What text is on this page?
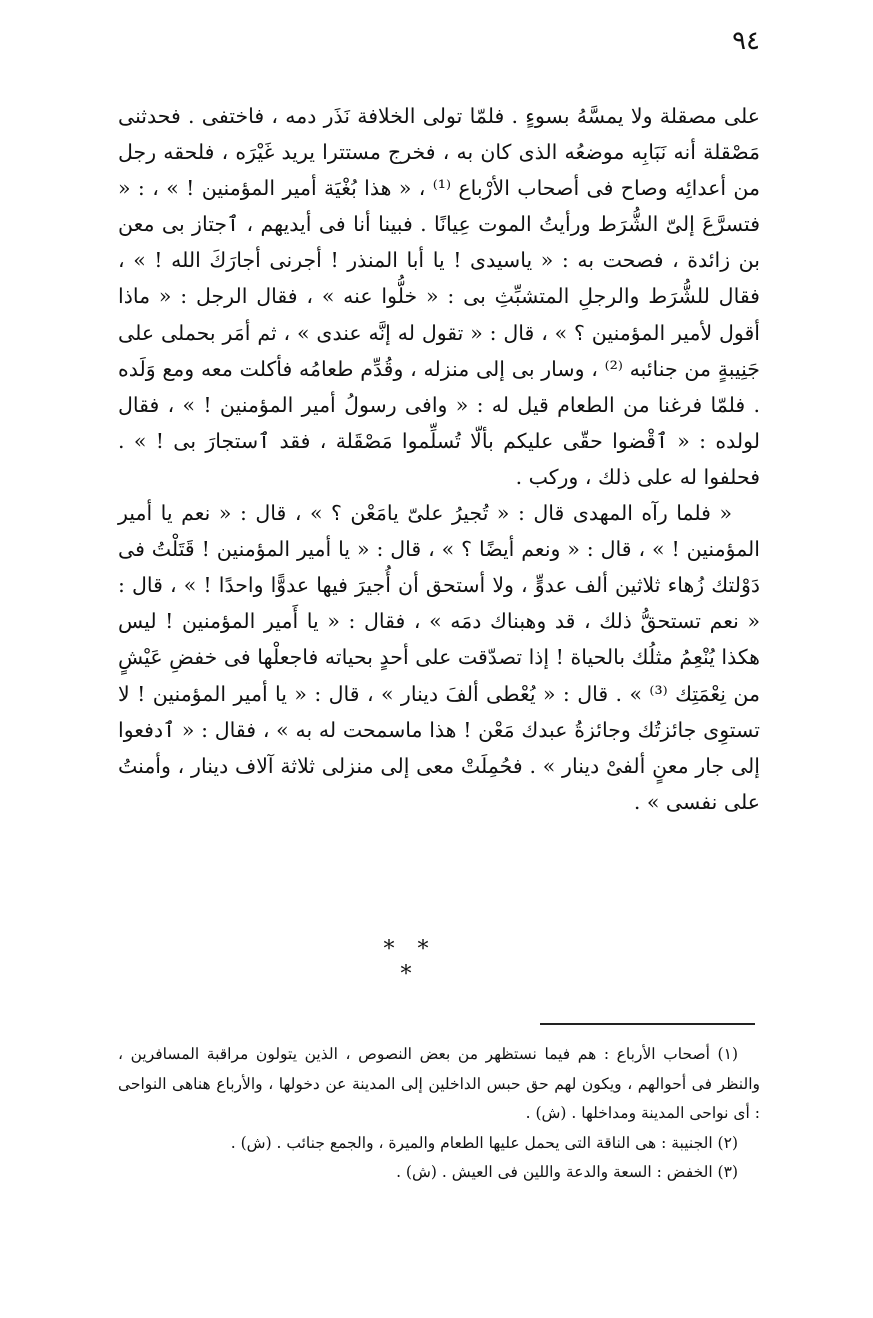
٩٤

على مصقلة ولا يمسَّهُ بسوءٍ . فلمّا تولى الخلافة نَذَر دمه ، فاختفى . فحدثنى مَصْقلة أنه نَبَابِه موضعُه الذى كان به ، فخرج مستترا يريد غَيْرَه ، فلحقه رجل من أعدائِه وصاح فى أصحاب الأرْباع ⁽¹⁾ ، « هذا بُغْيَة أمير المؤمنين ! » ، : « فتسرَّعَ إلىّ الشُّرَط ورأيتُ الموت عِيانًا . فبينا أنا فى أيديهم ، ٱجتاز بى معن بن زائدة ، فصحت به : « ياسيدى ! يا أبا المنذر ! أجرنى أجارَكَ الله ! » ، فقال للشُّرَط والرجلِ المتشبِّثِ بى : « خلُّوا عنه » ، فقال الرجل : « ماذا أقول لأمير المؤمنين ؟ » ، قال : « تقول له إنَّه عندى » ، ثم أمَر بحملى على جَنِيبةٍ من جنائبه ⁽²⁾ ، وسار بى إلى منزله ، وقُدِّم طعامُه فأكلت معه ومع وَلَده . فلمّا فرغنا من الطعام قيل له : « وافى رسولُ أمير المؤمنين ! » ، فقال لولده : « ٱقْضوا حقّى عليكم بألّا تُسلِّموا مَصْقَلة ، فقد ٱستجارَ بى ! » . فحلفوا له على ذلك ، وركب .

« فلما رآه المهدى قال : « تُجيرُ علىّ يامَعْن ؟ » ، قال : « نعم يا أمير المؤمنين ! » ، قال : « ونعم أيضًا ؟ » ، قال : « يا أمير المؤمنين ! قَتَلْتُ فى دَوْلتك زُهاء ثلاثين ألف عدوٍّ ، ولا أستحق أن أُجيرَ فيها عدوًّا واحدًا ! » ، قال : « نعم تستحقُّ ذلك ، قد وهبناك دمَه » ، فقال : « يا أَمير المؤمنين ! ليس هكذا يُنْعِمُ مثلُك بالحياة ! إذا تصدّقت على أحدٍ بحياته فاجعلْها فى خفضِ عَيْشٍ من نِعْمَتِك ⁽³⁾ » . قال : « يُعْطى ألفَ دينار » ، قال : « يا أمير المؤمنين ! لا تستوِى جائزتُك وجائزةُ عبدك مَعْن ! هذا ماسمحت له به » ، فقال : « ٱدفعوا إلى جار معنٍ ألفىْ دينار » . فحُمِلَتْ معى إلى منزلى ثلاثة آلاف دينار ، وأمنتُ على نفسى » .

* * *

(١) أصحاب الأرباع : هم فيما نستظهر من بعض النصوص ، الذين يتولون مراقبة المسافرين ، والنظر فى أحوالهم ، ويكون لهم حق حبس الداخلين إلى المدينة عن دخولها ، والأرباع هناهى النواحى : أى نواحى المدينة ومداخلها . (ش) .

(٢) الجنيبة : هى الناقة التى يحمل عليها الطعام والميرة ، والجمع جنائب . (ش) .

(٣) الخفض : السعة والدعة واللين فى العيش . (ش) .
